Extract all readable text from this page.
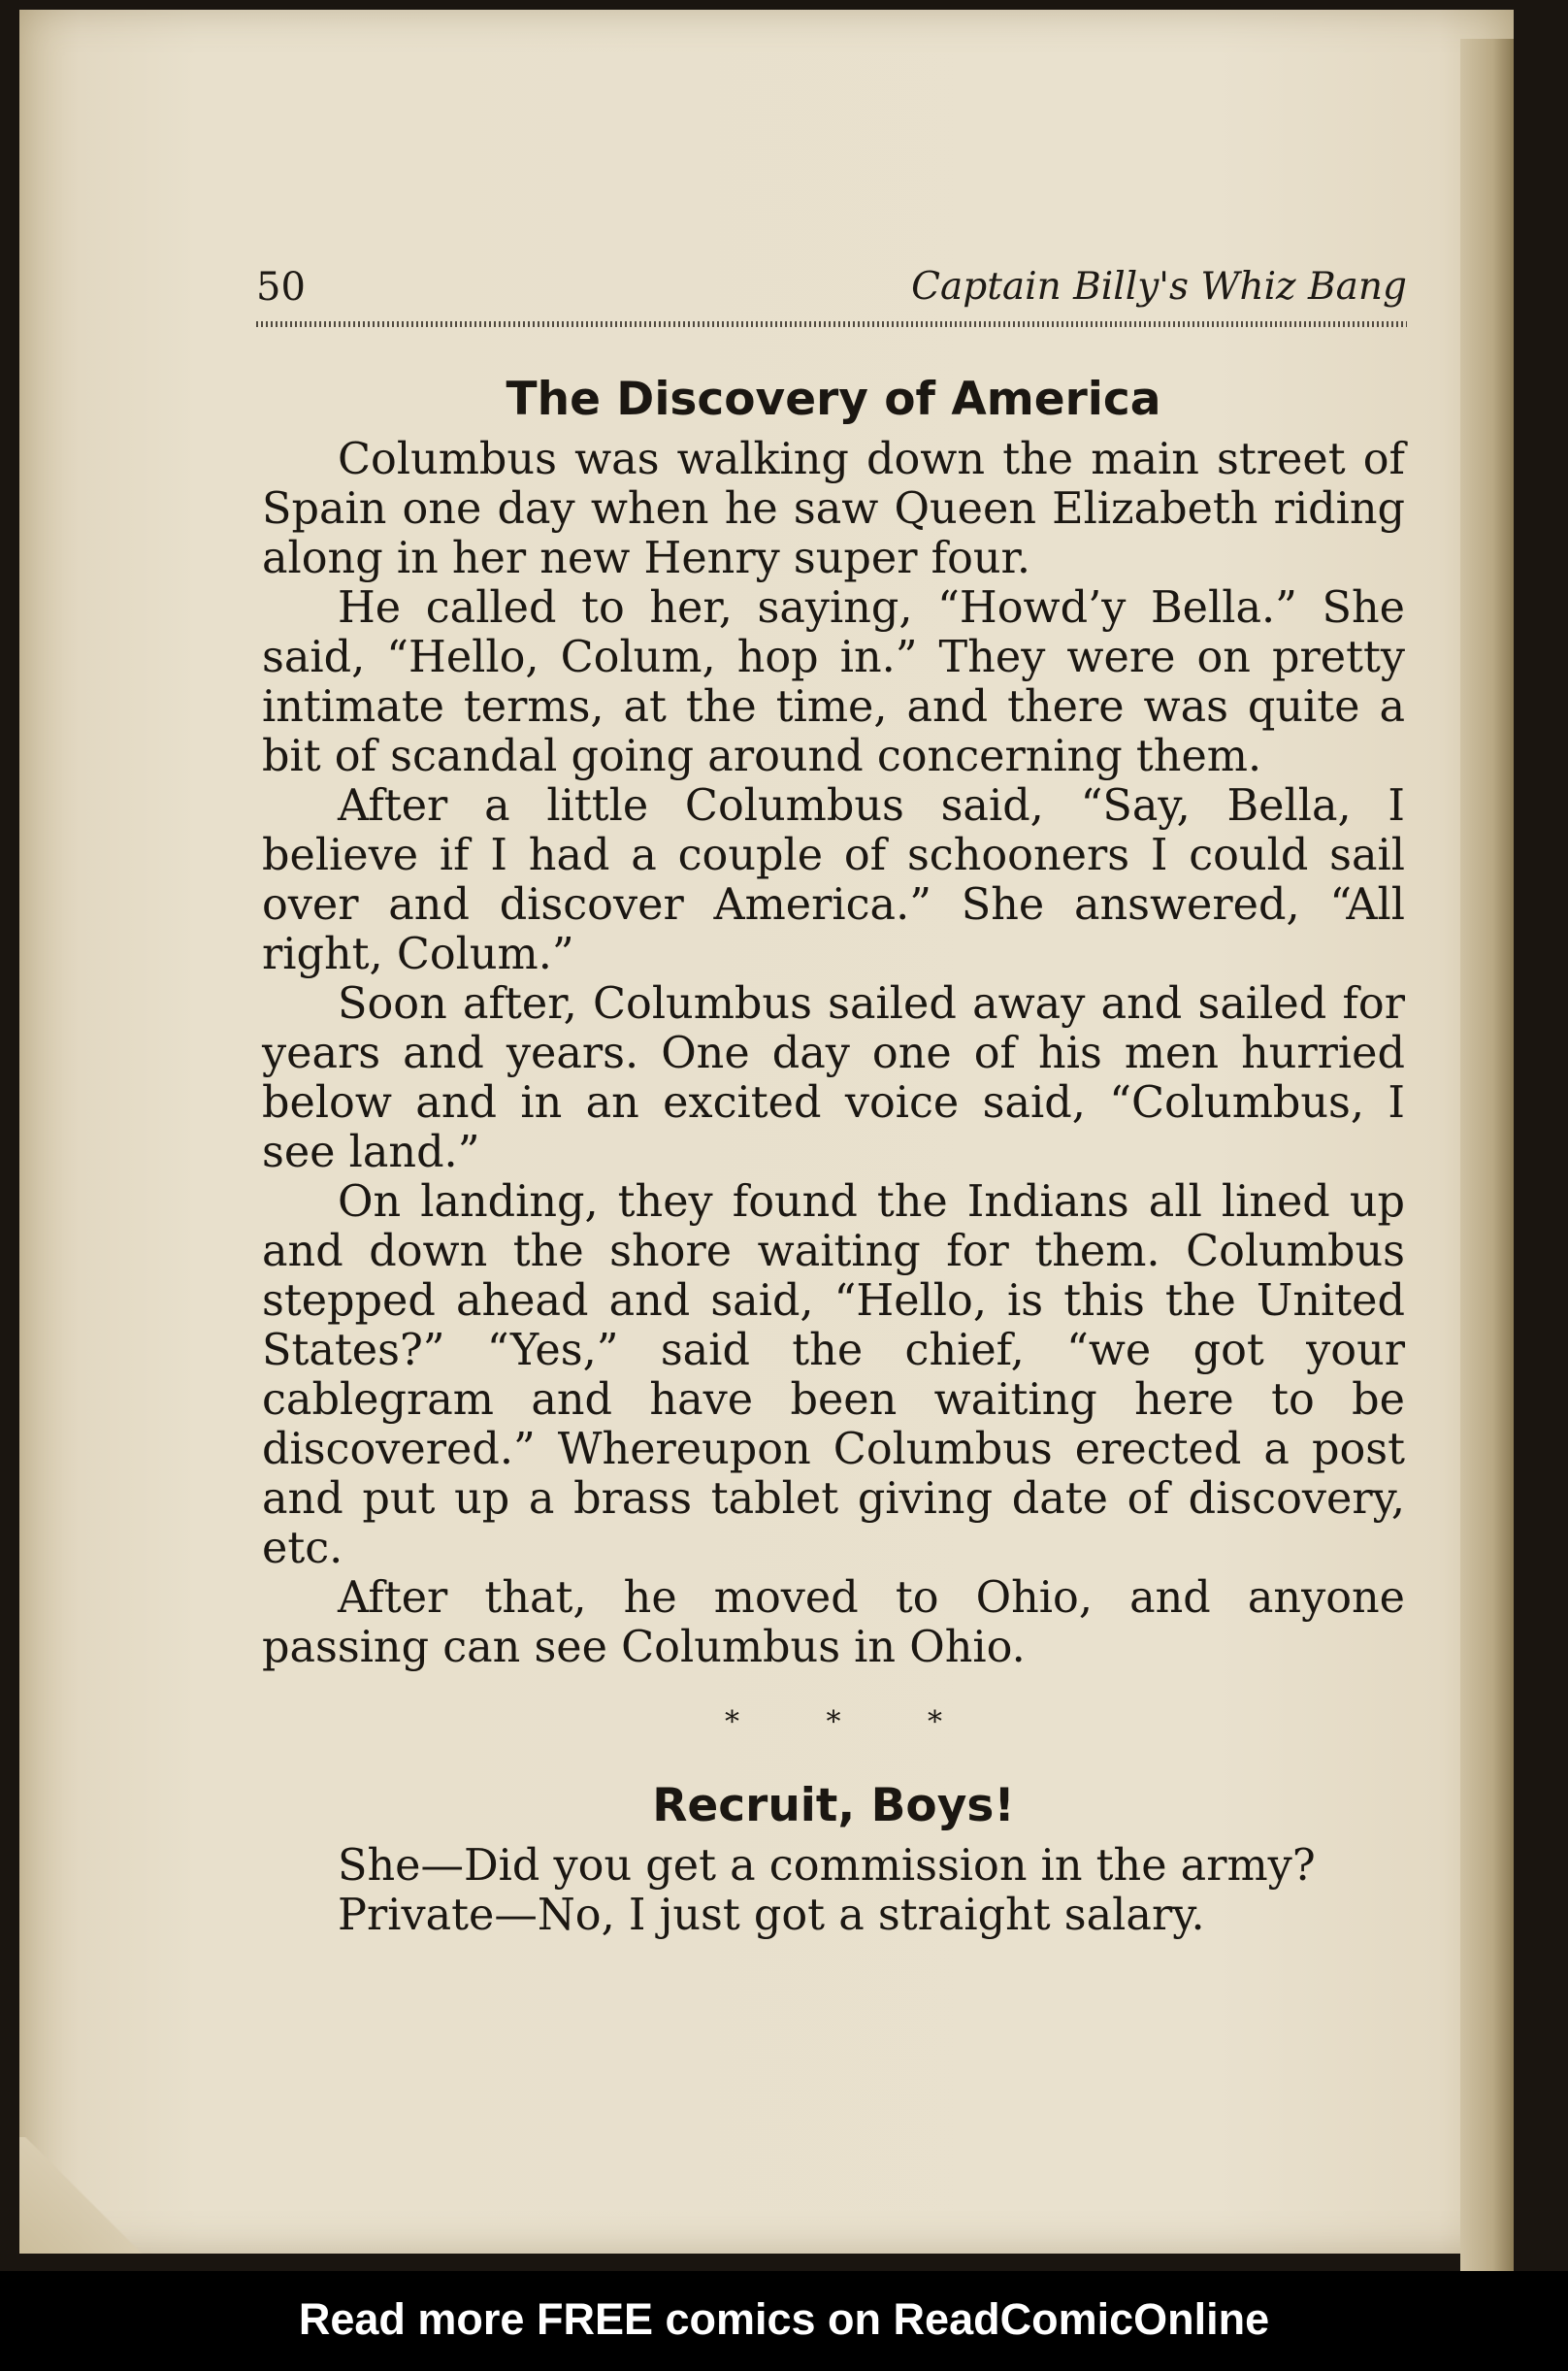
50	Captain Billy's Whiz Bang
The Discovery of America

Columbus was walking down the main street of Spain one day when he saw Queen Elizabeth riding along in her new Henry super four.

He called to her, saying, “Howd’y Bella.” She said, “Hello, Colum, hop in.” They were on pretty intimate terms, at the time, and there was quite a bit of scandal going around concerning them.

After a little Columbus said, “Say, Bella, I believe if I had a couple of schooners I could sail over and discover America.” She answered, “All right, Colum.”

Soon after, Columbus sailed away and sailed for years and years. One day one of his men hurried below and in an excited voice said, “Columbus, I see land.”

On landing, they found the Indians all lined up and down the shore waiting for them. Columbus stepped ahead and said, “Hello, is this the United States?” “Yes,” said the chief, “we got your cablegram and have been waiting here to be discovered.” Whereupon Columbus erected a post and put up a brass tablet giving date of discovery, etc.

After that, he moved to Ohio, and anyone passing can see Columbus in Ohio.

* * *
Recruit, Boys!

She—Did you get a commission in the army?

Private—No, I just got a straight salary.

Read more FREE comics on ReadComicOnline
